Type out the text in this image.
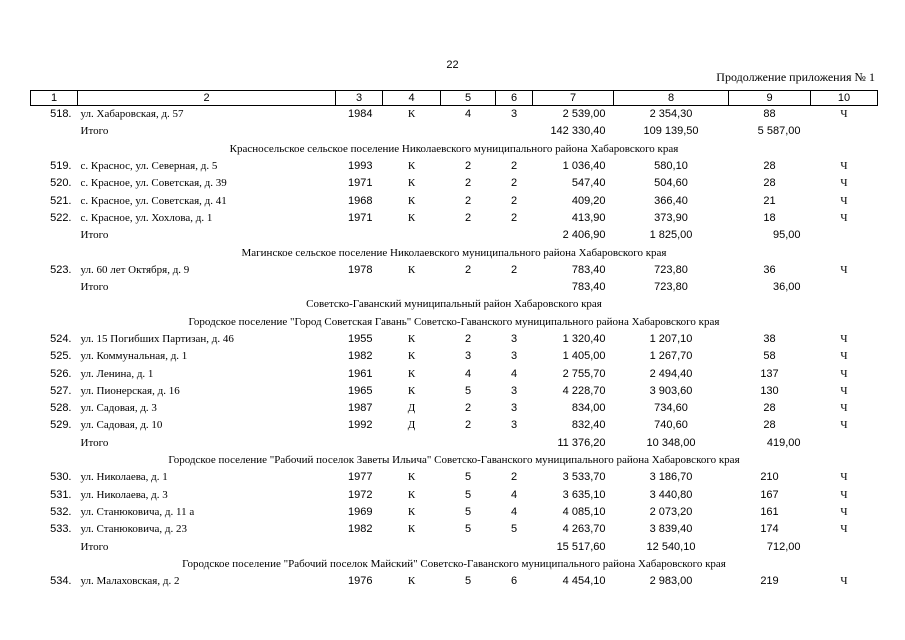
22
Продолжение приложения № 1
1	2	3	4	5	6	7	8	9	10
518.	ул. Хабаровская, д. 57	1984	К	4	3	2 539,00	2 354,30	88	Ч
	Итого					142 330,40	109 139,50	5 587,00	
Красносельское сельское поселение Николаевского муниципального района Хабаровского края									
519.	с. Краснос, ул. Северная, д. 5	1993	К	2	2	1 036,40	580,10	28	Ч
520.	с. Красное, ул. Советская, д. 39	1971	К	2	2	547,40	504,60	28	Ч
521.	с. Красное, ул. Советская, д. 41	1968	К	2	2	409,20	366,40	21	Ч
522.	с. Красное, ул. Хохлова, д. 1	1971	К	2	2	413,90	373,90	18	Ч
	Итого					2 406,90	1 825,00	95,00	
Магинское сельское поселение Николаевского муниципального района Хабаровского края									
523.	ул. 60 лет Октября, д. 9	1978	К	2	2	783,40	723,80	36	Ч
	Итого					783,40	723,80	36,00	
Советско-Гаванский муниципальный район Хабаровского края									
Городское поселение "Город Советская Гавань" Советско-Гаванского муниципального района Хабаровского края									
524.	ул. 15 Погибших Партизан, д. 46	1955	К	2	3	1 320,40	1 207,10	38	Ч
525.	ул. Коммунальная, д. 1	1982	К	3	3	1 405,00	1 267,70	58	Ч
526.	ул. Ленина, д. 1	1961	К	4	4	2 755,70	2 494,40	137	Ч
527.	ул. Пионерская, д. 16	1965	К	5	3	4 228,70	3 903,60	130	Ч
528.	ул. Садовая, д. 3	1987	Д	2	3	834,00	734,60	28	Ч
529.	ул. Садовая, д. 10	1992	Д	2	3	832,40	740,60	28	Ч
	Итого					11 376,20	10 348,00	419,00	
Городское поселение "Рабочий поселок Заветы Ильича" Советско-Гаванского муниципального района Хабаровского края									
530.	ул. Николаева, д. 1	1977	К	5	2	3 533,70	3 186,70	210	Ч
531.	ул. Николаева, д. 3	1972	К	5	4	3 635,10	3 440,80	167	Ч
532.	ул. Станюковича, д. 11 а	1969	К	5	4	4 085,10	2 073,20	161	Ч
533.	ул. Станюковича, д. 23	1982	К	5	5	4 263,70	3 839,40	174	Ч
	Итого					15 517,60	12 540,10	712,00	
Городское поселение "Рабочий поселок Майский" Советско-Гаванского муниципального района Хабаровского края									
534.	ул. Малаховская, д. 2	1976	К	5	6	4 454,10	2 983,00	219	Ч
